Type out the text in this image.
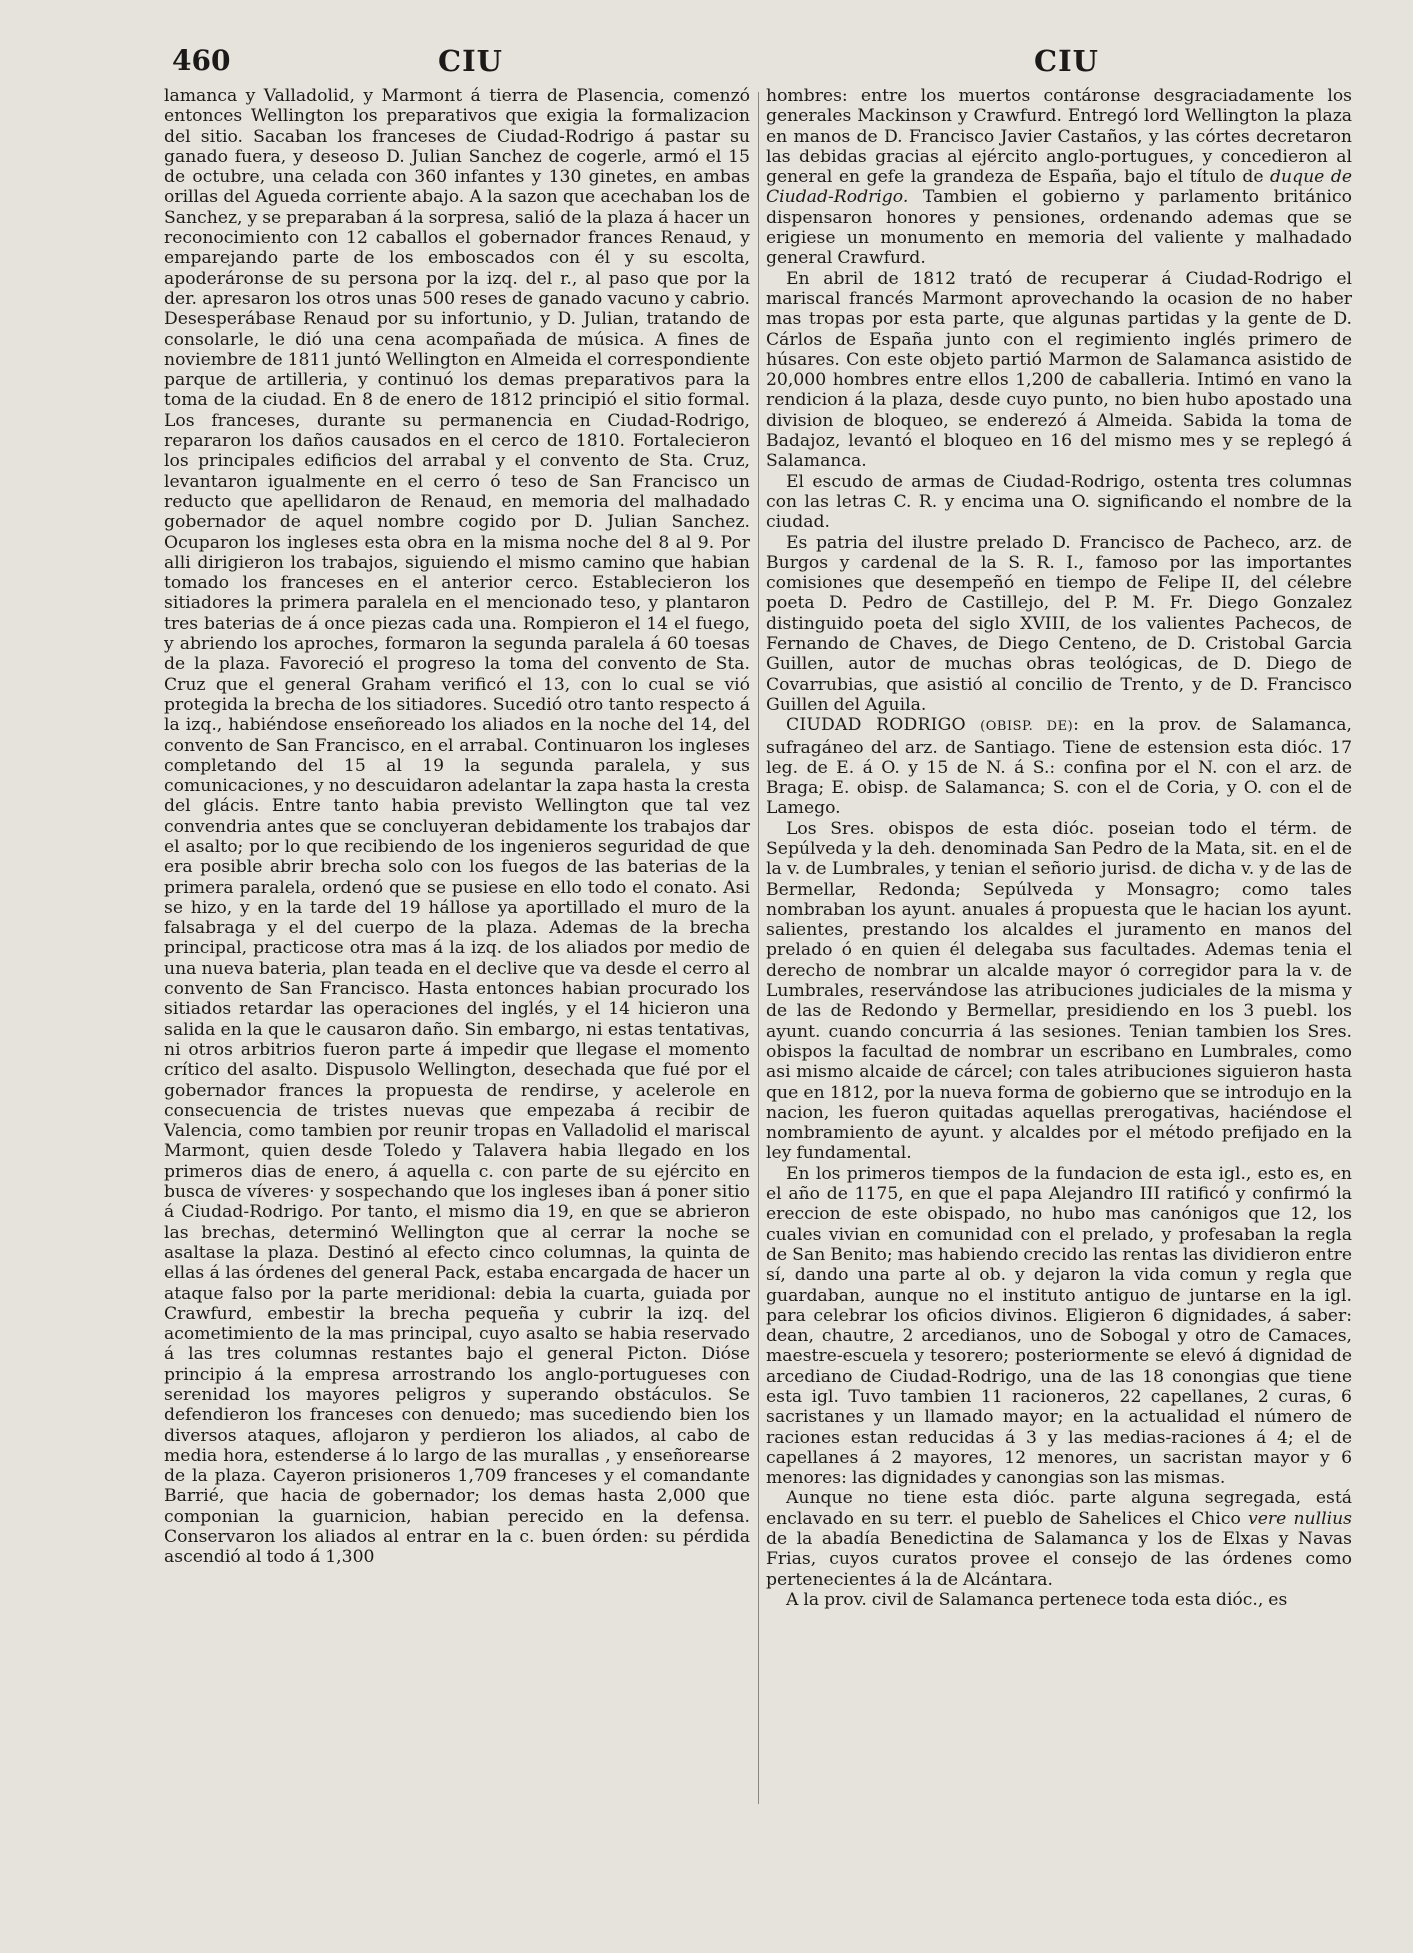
460	CIU	CIU

lamanca y Valladolid, y Marmont á tierra de Plasencia, comenzó entonces Wellington los preparativos que exigia la formalizacion del sitio. Sacaban los franceses de Ciudad-Rodrigo á pastar su ganado fuera, y deseoso D. Julian Sanchez de cogerle, armó el 15 de octubre, una celada con 360 infantes y 130 ginetes, en ambas orillas del Agueda corriente abajo. A la sazon que acechaban los de Sanchez, y se preparaban á la sorpresa, salió de la plaza á hacer un reconocimiento con 12 caballos el gobernador frances Renaud, y emparejando parte de los emboscados con él y su escolta, apoderáronse de su persona por la izq. del r., al paso que por la der. apresaron los otros unas 500 reses de ganado vacuno y cabrio. Desesperábase Renaud por su infortunio, y D. Julian, tratando de consolarle, le dió una cena acompañada de música. A fines de noviembre de 1811 juntó Wellington en Almeida el correspondiente parque de artilleria, y continuó los demas preparativos para la toma de la ciudad. En 8 de enero de 1812 principió el sitio formal. Los franceses, durante su permanencia en Ciudad-Rodrigo, repararon los daños causados en el cerco de 1810. Fortalecieron los principales edificios del arrabal y el convento de Sta. Cruz, levantaron igualmente en el cerro ó teso de San Francisco un reducto que apellidaron de Renaud, en memoria del malhadado gobernador de aquel nombre cogido por D. Julian Sanchez. Ocuparon los ingleses esta obra en la misma noche del 8 al 9. Por alli dirigieron los trabajos, siguiendo el mismo camino que habian tomado los franceses en el anterior cerco. Establecieron los sitiadores la primera paralela en el mencionado teso, y plantaron tres baterias de á once piezas cada una. Rompieron el 14 el fuego, y abriendo los aproches, formaron la segunda paralela á 60 toesas de la plaza. Favoreció el progreso la toma del convento de Sta. Cruz que el general Graham verificó el 13, con lo cual se vió protegida la brecha de los sitiadores. Sucedió otro tanto respecto á la izq., habiéndose enseñoreado los aliados en la noche del 14, del convento de San Francisco, en el arrabal. Continuaron los ingleses completando del 15 al 19 la segunda paralela, y sus comunicaciones, y no descuidaron adelantar la zapa hasta la cresta del glácis. Entre tanto habia previsto Wellington que tal vez convendria antes que se concluyeran debidamente los trabajos dar el asalto; por lo que recibiendo de los ingenieros seguridad de que era posible abrir brecha solo con los fuegos de las baterias de la primera paralela, ordenó que se pusiese en ello todo el conato. Asi se hizo, y en la tarde del 19 hállose ya aportillado el muro de la falsabraga y el del cuerpo de la plaza. Ademas de la brecha principal, practicose otra mas á la izq. de los aliados por medio de una nueva bateria, plan teada en el declive que va desde el cerro al convento de San Francisco. Hasta entonces habian procurado los sitiados retardar las operaciones del inglés, y el 14 hicieron una salida en la que le causaron daño. Sin embargo, ni estas tentativas, ni otros arbitrios fueron parte á impedir que llegase el momento crítico del asalto. Dispusolo Wellington, desechada que fué por el gobernador frances la propuesta de rendirse, y acelerole en consecuencia de tristes nuevas que empezaba á recibir de Valencia, como tambien por reunir tropas en Valladolid el mariscal Marmont, quien desde Toledo y Talavera habia llegado en los primeros dias de enero, á aquella c. con parte de su ejército en busca de víveres· y sospechando que los ingleses iban á poner sitio á Ciudad-Rodrigo. Por tanto, el mismo dia 19, en que se abrieron las brechas, determinó Wellington que al cerrar la noche se asaltase la plaza. Destinó al efecto cinco columnas, la quinta de ellas á las órdenes del general Pack, estaba encargada de hacer un ataque falso por la parte meridional: debia la cuarta, guiada por Crawfurd, embestir la brecha pequeña y cubrir la izq. del acometimiento de la mas principal, cuyo asalto se habia reservado á las tres columnas restantes bajo el general Picton. Dióse principio á la empresa arrostrando los anglo-portugueses con serenidad los mayores peligros y superando obstáculos. Se defendieron los franceses con denuedo; mas sucediendo bien los diversos ataques, aflojaron y perdieron los aliados, al cabo de media hora, estenderse á lo largo de las murallas , y enseñorearse de la plaza. Cayeron prisioneros 1,709 franceses y el comandante Barrié, que hacia de gobernador; los demas hasta 2,000 que componian la guarnicion, habian perecido en la defensa. Conservaron los aliados al entrar en la c. buen órden: su pérdida ascendió al todo á 1,300

hombres: entre los muertos contáronse desgraciadamente los generales Mackinson y Crawfurd. Entregó lord Wellington la plaza en manos de D. Francisco Javier Castaños, y las córtes decretaron las debidas gracias al ejército anglo-portugues, y concedieron al general en gefe la grandeza de España, bajo el título de duque de Ciudad-Rodrigo. Tambien el gobierno y parlamento británico dispensaron honores y pensiones, ordenando ademas que se erigiese un monumento en memoria del valiente y malhadado general Crawfurd.

En abril de 1812 trató de recuperar á Ciudad-Rodrigo el mariscal francés Marmont aprovechando la ocasion de no haber mas tropas por esta parte, que algunas partidas y la gente de D. Cárlos de España junto con el regimiento inglés primero de húsares. Con este objeto partió Marmon de Salamanca asistido de 20,000 hombres entre ellos 1,200 de caballeria. Intimó en vano la rendicion á la plaza, desde cuyo punto, no bien hubo apostado una division de bloqueo, se enderezó á Almeida. Sabida la toma de Badajoz, levantó el bloqueo en 16 del mismo mes y se replegó á Salamanca.

El escudo de armas de Ciudad-Rodrigo, ostenta tres columnas con las letras C. R. y encima una O. significando el nombre de la ciudad.

Es patria del ilustre prelado D. Francisco de Pacheco, arz. de Burgos y cardenal de la S. R. I., famoso por las importantes comisiones que desempeñó en tiempo de Felipe II, del célebre poeta D. Pedro de Castillejo, del P. M. Fr. Diego Gonzalez distinguido poeta del siglo XVIII, de los valientes Pachecos, de Fernando de Chaves, de Diego Centeno, de D. Cristobal Garcia Guillen, autor de muchas obras teológicas, de D. Diego de Covarrubias, que asistió al concilio de Trento, y de D. Francisco Guillen del Aguila.

CIUDAD RODRIGO (OBISP. DE): en la prov. de Salamanca, sufragáneo del arz. de Santiago. Tiene de estension esta dióc. 17 leg. de E. á O. y 15 de N. á S.: confina por el N. con el arz. de Braga; E. obisp. de Salamanca; S. con el de Coria, y O. con el de Lamego.

Los Sres. obispos de esta dióc. poseian todo el térm. de Sepúlveda y la deh. denominada San Pedro de la Mata, sit. en el de la v. de Lumbrales, y tenian el señorio jurisd. de dicha v. y de las de Bermellar, Redonda; Sepúlveda y Monsagro; como tales nombraban los ayunt. anuales á propuesta que le hacian los ayunt. salientes, prestando los alcaldes el juramento en manos del prelado ó en quien él delegaba sus facultades. Ademas tenia el derecho de nombrar un alcalde mayor ó corregidor para la v. de Lumbrales, reservándose las atribuciones judiciales de la misma y de las de Redondo y Bermellar, presidiendo en los 3 puebl. los ayunt. cuando concurria á las sesiones. Tenian tambien los Sres. obispos la facultad de nombrar un escribano en Lumbrales, como asi mismo alcaide de cárcel; con tales atribuciones siguieron hasta que en 1812, por la nueva forma de gobierno que se introdujo en la nacion, les fueron quitadas aquellas prerogativas, haciéndose el nombramiento de ayunt. y alcaldes por el método prefijado en la ley fundamental.

En los primeros tiempos de la fundacion de esta igl., esto es, en el año de 1175, en que el papa Alejandro III ratificó y confirmó la ereccion de este obispado, no hubo mas canónigos que 12, los cuales vivian en comunidad con el prelado, y profesaban la regla de San Benito; mas habiendo crecido las rentas las dividieron entre sí, dando una parte al ob. y dejaron la vida comun y regla que guardaban, aunque no el instituto antiguo de juntarse en la igl. para celebrar los oficios divinos. Eligieron 6 dignidades, á saber: dean, chautre, 2 arcedianos, uno de Sobogal y otro de Camaces, maestre-escuela y tesorero; posteriormente se elevó á dignidad de arcediano de Ciudad-Rodrigo, una de las 18 conongias que tiene esta igl. Tuvo tambien 11 racioneros, 22 capellanes, 2 curas, 6 sacristanes y un llamado mayor; en la actualidad el número de raciones estan reducidas á 3 y las medias-raciones á 4; el de capellanes á 2 mayores, 12 menores, un sacristan mayor y 6 menores: las dignidades y canongias son las mismas.

Aunque no tiene esta dióc. parte alguna segregada, está enclavado en su terr. el pueblo de Sahelices el Chico vere nullius de la abadía Benedictina de Salamanca y los de Elxas y Navas Frias, cuyos curatos provee el consejo de las órdenes como pertenecientes á la de Alcántara.

A la prov. civil de Salamanca pertenece toda esta dióc., es
